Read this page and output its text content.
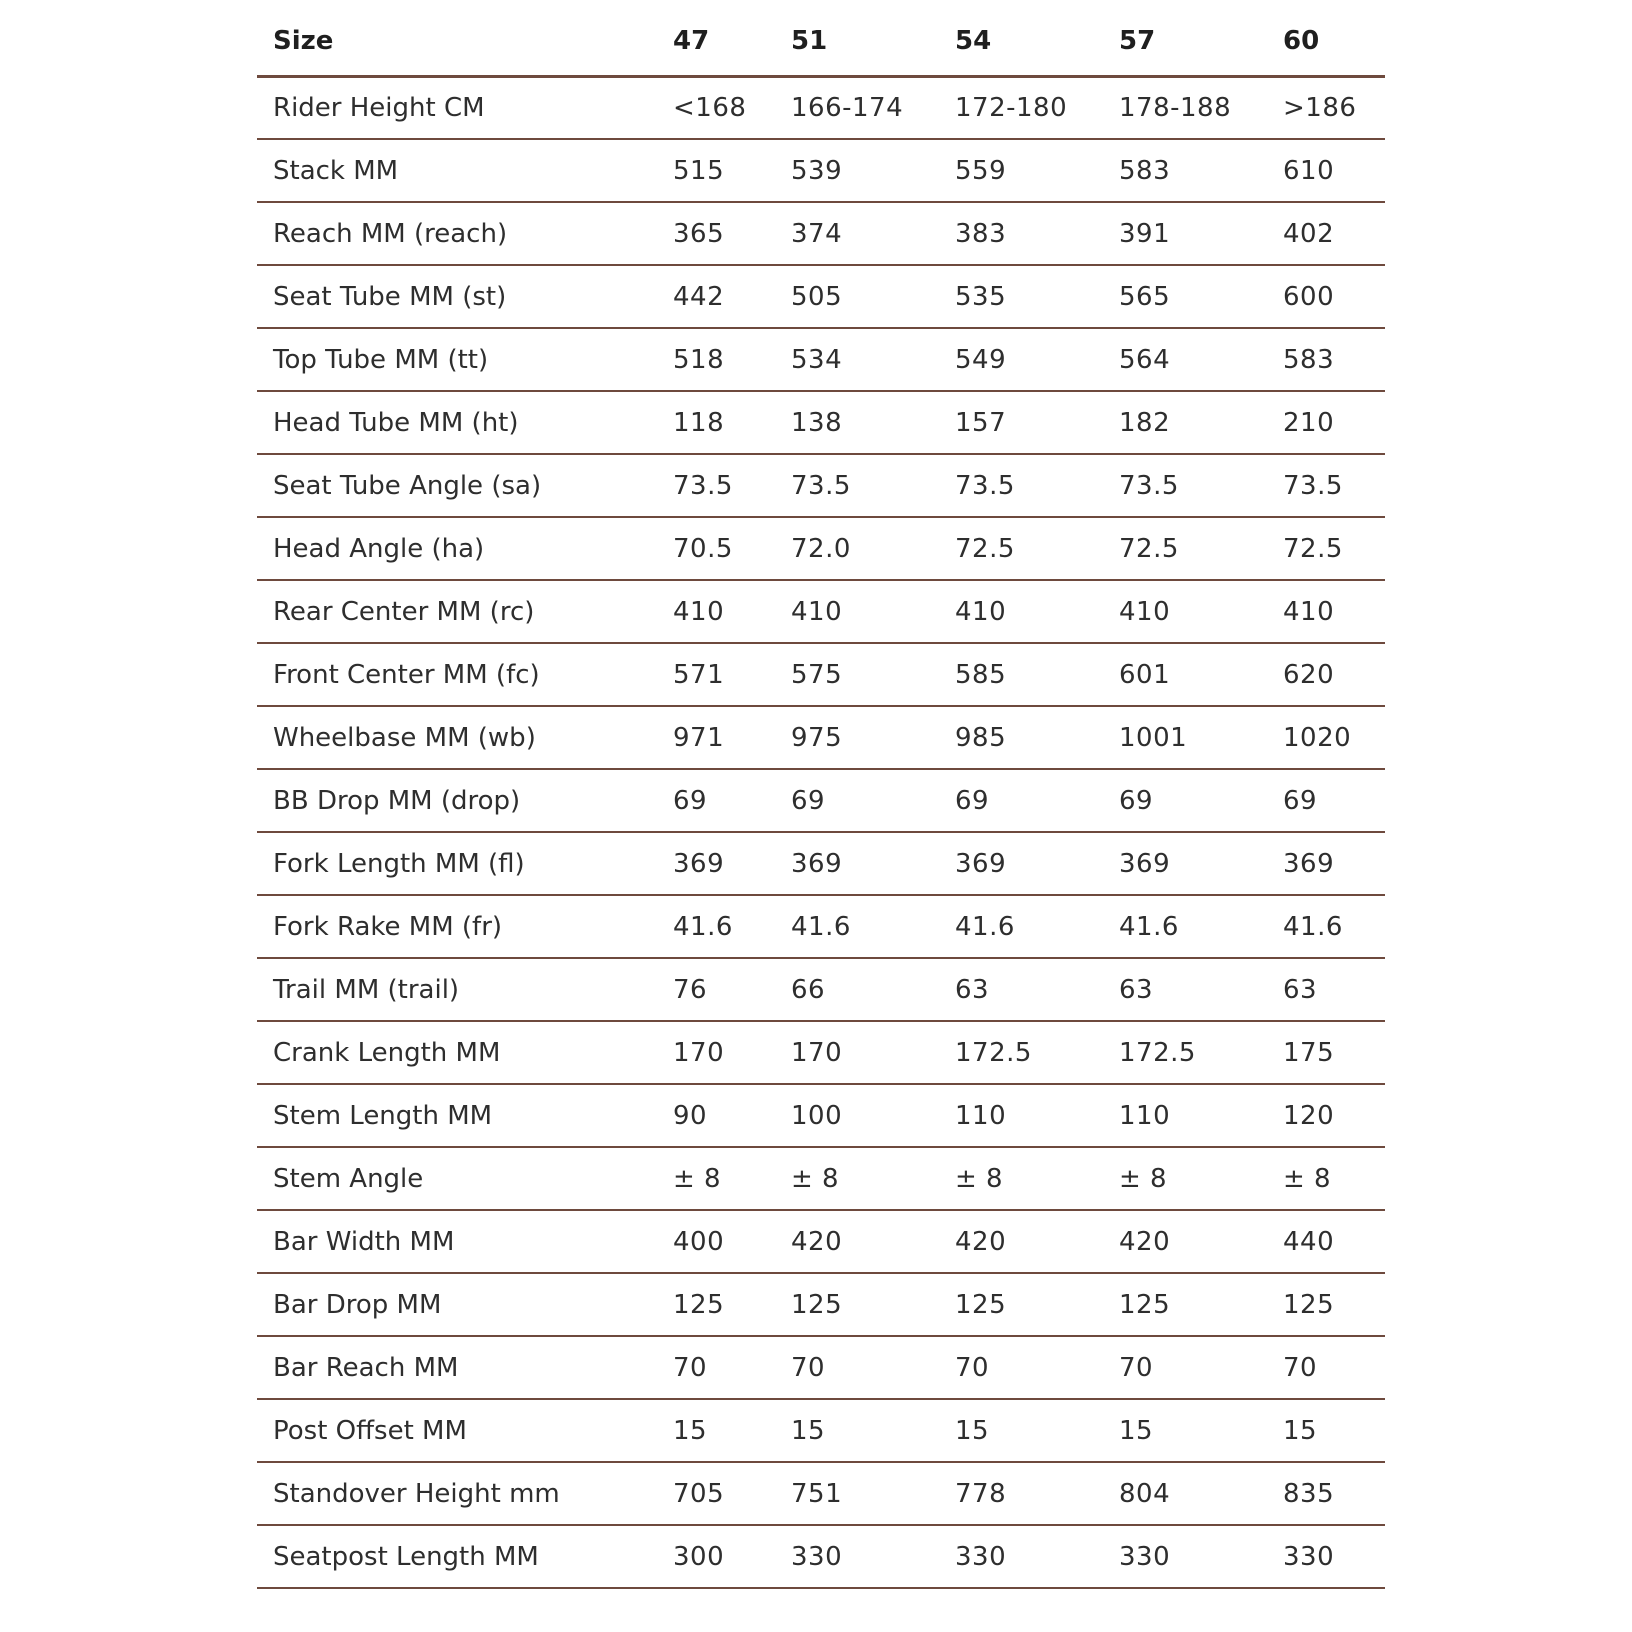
Size	47	51	54	57	60
Rider Height CM	<168	166-174	172-180	178-188	>186
Stack MM	515	539	559	583	610
Reach MM (reach)	365	374	383	391	402
Seat Tube MM (st)	442	505	535	565	600
Top Tube MM (tt)	518	534	549	564	583
Head Tube MM (ht)	118	138	157	182	210
Seat Tube Angle (sa)	73.5	73.5	73.5	73.5	73.5
Head Angle (ha)	70.5	72.0	72.5	72.5	72.5
Rear Center MM (rc)	410	410	410	410	410
Front Center MM (fc)	571	575	585	601	620
Wheelbase MM (wb)	971	975	985	1001	1020
BB Drop MM (drop)	69	69	69	69	69
Fork Length MM (fl)	369	369	369	369	369
Fork Rake MM (fr)	41.6	41.6	41.6	41.6	41.6
Trail MM (trail)	76	66	63	63	63
Crank Length MM	170	170	172.5	172.5	175
Stem Length MM	90	100	110	110	120
Stem Angle	± 8	± 8	± 8	± 8	± 8
Bar Width MM	400	420	420	420	440
Bar Drop MM	125	125	125	125	125
Bar Reach MM	70	70	70	70	70
Post Offset MM	15	15	15	15	15
Standover Height mm	705	751	778	804	835
Seatpost Length MM	300	330	330	330	330
